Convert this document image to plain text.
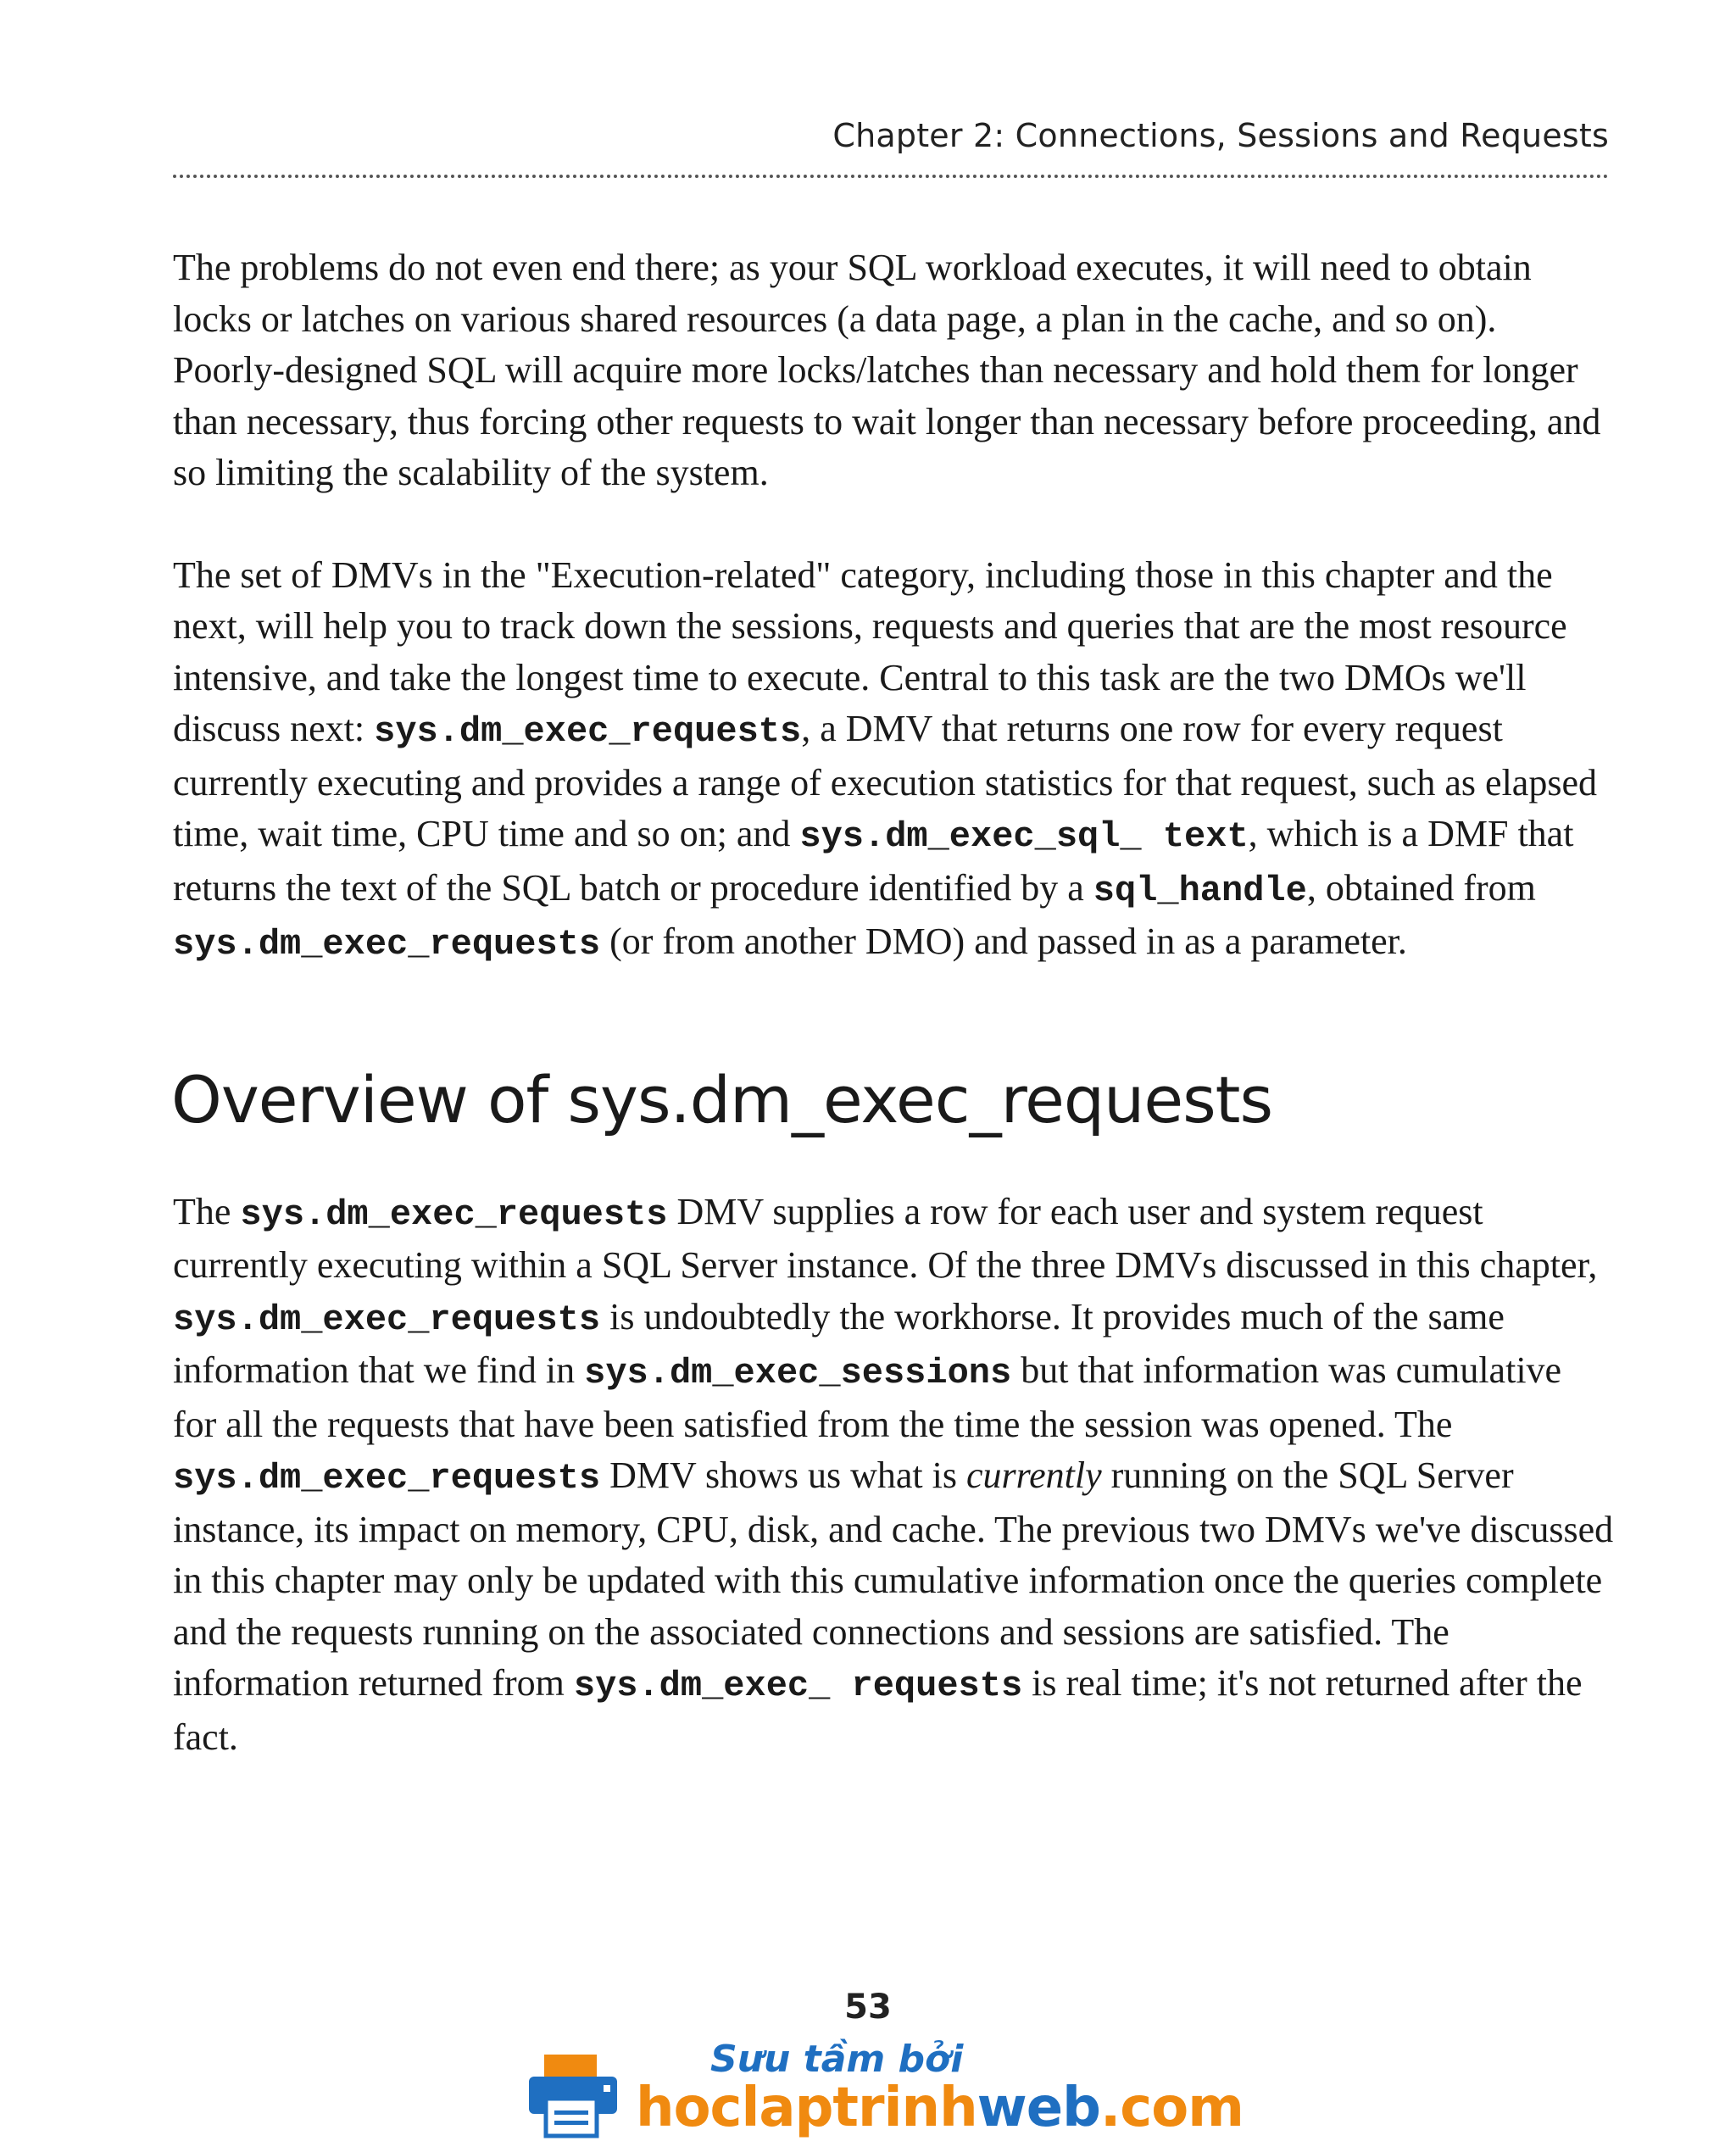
Chapter 2: Connections, Sessions and Requests

The problems do not even end there; as your SQL workload executes, it will need to obtain locks or latches on various shared resources (a data page, a plan in the cache, and so on). Poorly-designed SQL will acquire more locks/latches than necessary and hold them for longer than necessary, thus forcing other requests to wait longer than necessary before proceeding, and so limiting the scalability of the system.

The set of DMVs in the "Execution-related" category, including those in this chapter and the next, will help you to track down the sessions, requests and queries that are the most resource intensive, and take the longest time to execute. Central to this task are the two DMOs we'll discuss next: sys.dm_exec_requests, a DMV that returns one row for every request currently executing and provides a range of execution statistics for that request, such as elapsed time, wait time, CPU time and so on; and sys.dm_exec_sql_ text, which is a DMF that returns the text of the SQL batch or procedure identified by a sql_handle, obtained from sys.dm_exec_requests (or from another DMO) and passed in as a parameter.

Overview of sys.dm_exec_requests

The sys.dm_exec_requests DMV supplies a row for each user and system request currently executing within a SQL Server instance. Of the three DMVs discussed in this chapter, sys.dm_exec_requests is undoubtedly the workhorse. It provides much of the same information that we find in sys.dm_exec_sessions but that information was cumulative for all the requests that have been satisfied from the time the session was opened. The sys.dm_exec_requests DMV shows us what is currently running on the SQL Server instance, its impact on memory, CPU, disk, and cache. The previous two DMVs we've discussed in this chapter may only be updated with this cumulative information once the queries complete and the requests running on the associated connections and sessions are satisfied. The information returned from sys.dm_exec_ requests is real time; it's not returned after the fact.

53
Sưu tầm bởi
hoclaptrinhweb.com
